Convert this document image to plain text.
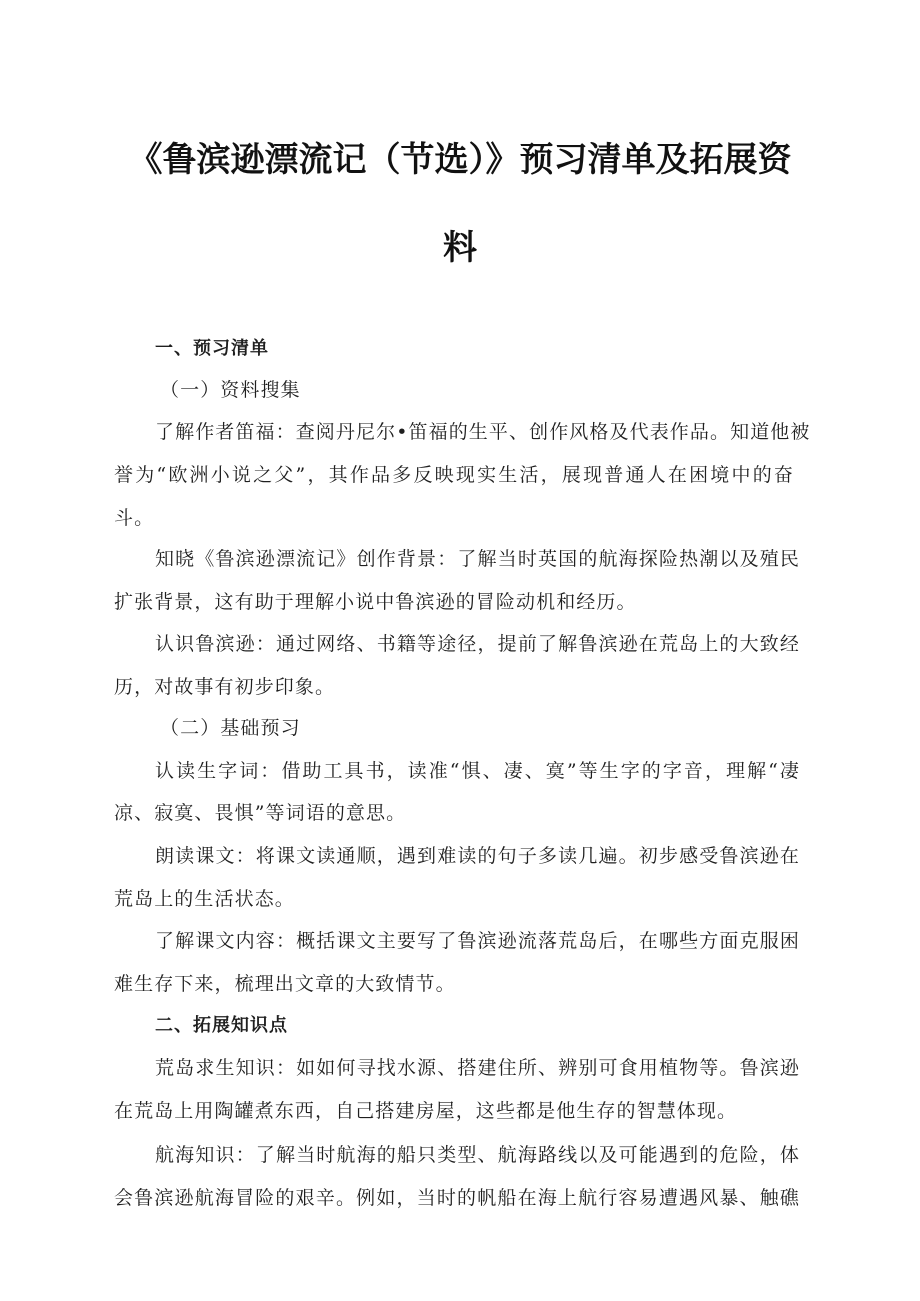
《鲁滨逊漂流记（节选）》预习清单及拓展资
料
一、预习清单
（一）资料搜集
了解作者笛福：查阅丹尼尔•笛福的生平、创作风格及代表作品。知道他被
誉为“欧洲小说之父”，其作品多反映现实生活，展现普通人在困境中的奋
斗。
知晓《鲁滨逊漂流记》创作背景：了解当时英国的航海探险热潮以及殖民
扩张背景，这有助于理解小说中鲁滨逊的冒险动机和经历。
认识鲁滨逊：通过网络、书籍等途径，提前了解鲁滨逊在荒岛上的大致经
历，对故事有初步印象。
（二）基础预习
认读生字词：借助工具书，读准“惧、凄、寞”等生字的字音，理解“凄
凉、寂寞、畏惧”等词语的意思。
朗读课文：将课文读通顺，遇到难读的句子多读几遍。初步感受鲁滨逊在
荒岛上的生活状态。
了解课文内容：概括课文主要写了鲁滨逊流落荒岛后，在哪些方面克服困
难生存下来，梳理出文章的大致情节。
二、拓展知识点
荒岛求生知识：如如何寻找水源、搭建住所、辨别可食用植物等。鲁滨逊
在荒岛上用陶罐煮东西，自己搭建房屋，这些都是他生存的智慧体现。
航海知识：了解当时航海的船只类型、航海路线以及可能遇到的危险，体
会鲁滨逊航海冒险的艰辛。例如，当时的帆船在海上航行容易遭遇风暴、触礁
